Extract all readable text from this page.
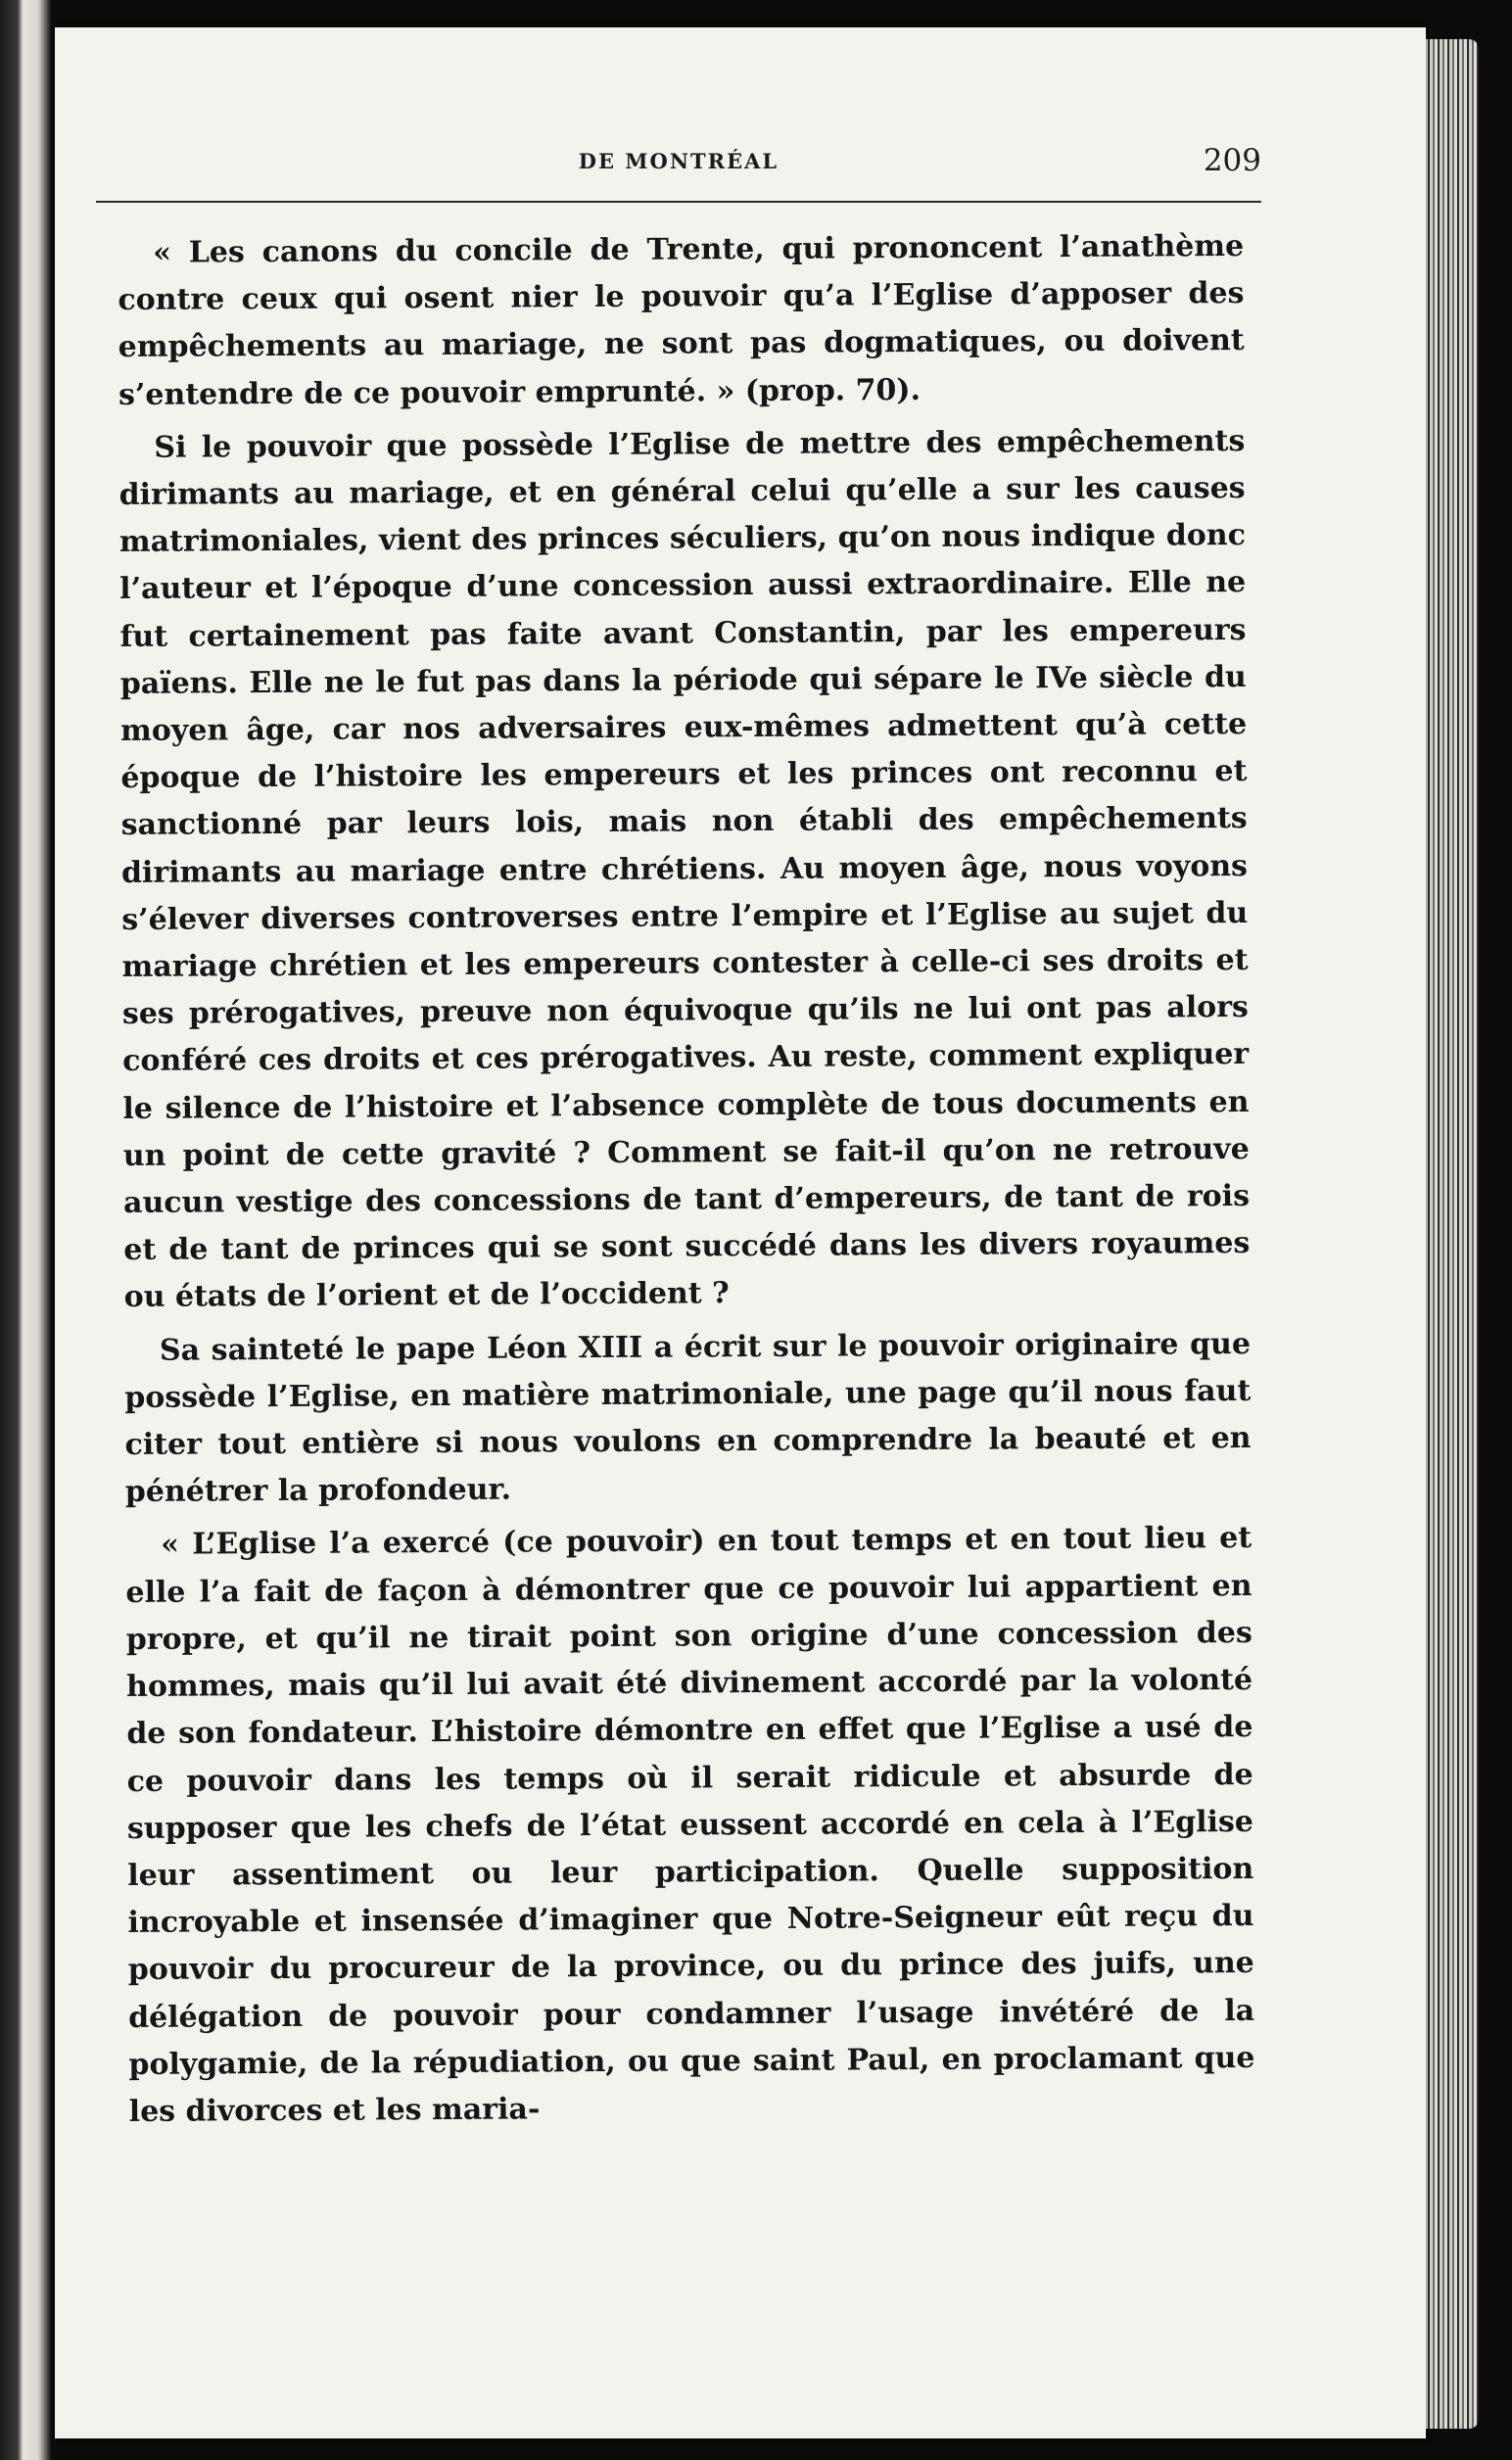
DE MONTRÉAL	209

« Les canons du concile de Trente, qui prononcent l’anathème contre ceux qui osent nier le pouvoir qu’a l’Eglise d’apposer des empêchements au mariage, ne sont pas dogmatiques, ou doivent s’entendre de ce pouvoir emprunté. » (prop. 70).

Si le pouvoir que possède l’Eglise de mettre des empêchements dirimants au mariage, et en général celui qu’elle a sur les causes matrimoniales, vient des princes séculiers, qu’on nous indique donc l’auteur et l’époque d’une concession aussi extraordinaire. Elle ne fut certainement pas faite avant Constantin, par les empereurs païens. Elle ne le fut pas dans la période qui sépare le IVe siècle du moyen âge, car nos adversaires eux-mêmes admettent qu’à cette époque de l’histoire les empereurs et les princes ont reconnu et sanctionné par leurs lois, mais non établi des empêchements dirimants au mariage entre chrétiens. Au moyen âge, nous voyons s’élever diverses controverses entre l’empire et l’Eglise au sujet du mariage chrétien et les empereurs contester à celle-ci ses droits et ses prérogatives, preuve non équivoque qu’ils ne lui ont pas alors conféré ces droits et ces prérogatives. Au reste, comment expliquer le silence de l’histoire et l’absence complète de tous documents en un point de cette gravité ? Comment se fait-il qu’on ne retrouve aucun vestige des concessions de tant d’empereurs, de tant de rois et de tant de princes qui se sont succédé dans les divers royaumes ou états de l’orient et de l’occident ?

Sa sainteté le pape Léon XIII a écrit sur le pouvoir originaire que possède l’Eglise, en matière matrimoniale, une page qu’il nous faut citer tout entière si nous voulons en comprendre la beauté et en pénétrer la profondeur.

« L’Eglise l’a exercé (ce pouvoir) en tout temps et en tout lieu et elle l’a fait de façon à démontrer que ce pouvoir lui appartient en propre, et qu’il ne tirait point son origine d’une concession des hommes, mais qu’il lui avait été divinement accordé par la volonté de son fondateur. L’histoire démontre en effet que l’Eglise a usé de ce pouvoir dans les temps où il serait ridicule et absurde de supposer que les chefs de l’état eussent accordé en cela à l’Eglise leur assentiment ou leur participation. Quelle supposition incroyable et insensée d’imaginer que Notre-Seigneur eût reçu du pouvoir du procureur de la province, ou du prince des juifs, une délégation de pouvoir pour condamner l’usage invétéré de la polygamie, de la répudiation, ou que saint Paul, en proclamant que les divorces et les maria-
